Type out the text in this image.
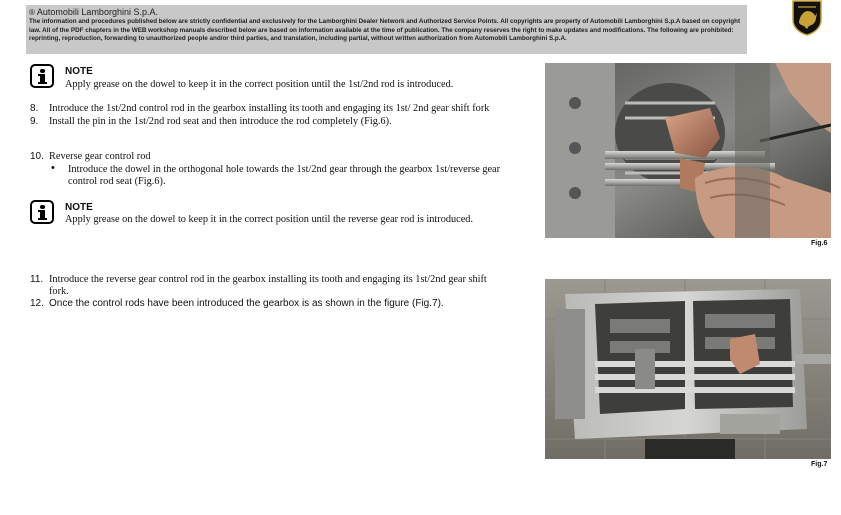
® Automobili Lamborghini S.p.A.
The information and procedures published below are strictly confidential and exclusively for the Lamborghini Dealer Network and Authorized Service Points. All copyrights are property of Automobili Lamborghini S.p.A based on copyright law. All of the PDF chapters in the WEB workshop manuals described below are based on information available at the time of publication. The company reserves the right to make updates and modifications. The following are prohibited: reprinting, reproduction, forwarding to unauthorized people and/or third parties, and translation, including partial, without written authorization from Automobili Lamborghini S.p.A.
NOTE
Apply grease on the dowel to keep it in the correct position until the 1st/2nd rod is introduced.
8. Introduce the 1st/2nd control rod in the gearbox installing its tooth and engaging its 1st/ 2nd gear shift fork
9. Install the pin in the 1st/2nd rod seat and then introduce the rod completely (Fig.6).
10. Reverse gear control rod
• Introduce the dowel in the orthogonal hole towards the 1st/2nd gear through the gearbox 1st/reverse gear
control rod seat (Fig.6).
NOTE
Apply grease on the dowel to keep it in the correct position until the reverse gear rod is introduced.
11. Introduce the reverse gear control rod in the gearbox installing its tooth and engaging its 1st/2nd gear shift
fork.
12. Once the control rods have been introduced the gearbox is as shown in the figure (Fig.7).
Fig.6
Fig.7
